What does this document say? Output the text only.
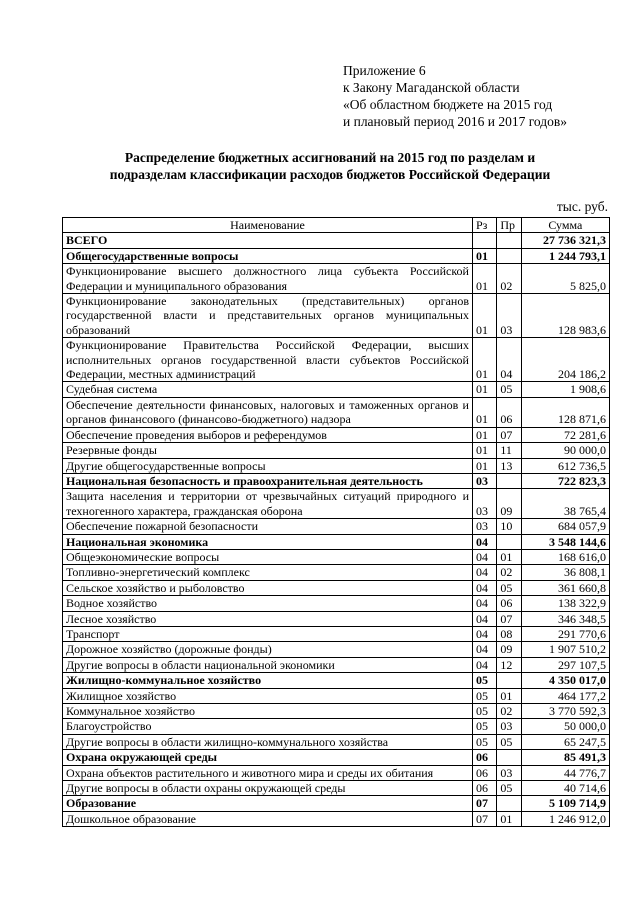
Приложение 6
к Закону Магаданской области
«Об областном бюджете на 2015 год
и плановый период 2016 и 2017 годов»
Распределение бюджетных ассигнований на 2015 год по разделам и
подразделам классификации расходов бюджетов Российской Федерации
тыс. руб.
Наименование	Рз	Пр	Сумма
ВСЕГО			27 736 321,3
Общегосударственные вопросы	01		1 244 793,1
Функционирование высшего должностного лица субъекта Российской Федерации и муниципального образования	01	02	5 825,0
Функционирование законодательных (представительных) органов государственной власти и представительных органов муниципальных образований	01	03	128 983,6
Функционирование Правительства Российской Федерации, высших исполнительных органов государственной власти субъектов Российской Федерации, местных администраций	01	04	204 186,2
Судебная система	01	05	1 908,6
Обеспечение деятельности финансовых, налоговых и таможенных органов и органов финансового (финансово-бюджетного) надзора	01	06	128 871,6
Обеспечение проведения выборов и референдумов	01	07	72 281,6
Резервные фонды	01	11	90 000,0
Другие общегосударственные вопросы	01	13	612 736,5
Национальная безопасность и правоохранительная деятельность	03		722 823,3
Защита населения и территории от чрезвычайных ситуаций природного и техногенного характера, гражданская оборона	03	09	38 765,4
Обеспечение пожарной безопасности	03	10	684 057,9
Национальная экономика	04		3 548 144,6
Общеэкономические вопросы	04	01	168 616,0
Топливно-энергетический комплекс	04	02	36 808,1
Сельское хозяйство и рыболовство	04	05	361 660,8
Водное хозяйство	04	06	138 322,9
Лесное хозяйство	04	07	346 348,5
Транспорт	04	08	291 770,6
Дорожное хозяйство (дорожные фонды)	04	09	1 907 510,2
Другие вопросы в области национальной экономики	04	12	297 107,5
Жилищно-коммунальное хозяйство	05		4 350 017,0
Жилищное хозяйство	05	01	464 177,2
Коммунальное хозяйство	05	02	3 770 592,3
Благоустройство	05	03	50 000,0
Другие вопросы в области жилищно-коммунального хозяйства	05	05	65 247,5
Охрана окружающей среды	06		85 491,3
Охрана объектов растительного и животного мира и среды их обитания	06	03	44 776,7
Другие вопросы в области охраны окружающей среды	06	05	40 714,6
Образование	07		5 109 714,9
Дошкольное образование	07	01	1 246 912,0
